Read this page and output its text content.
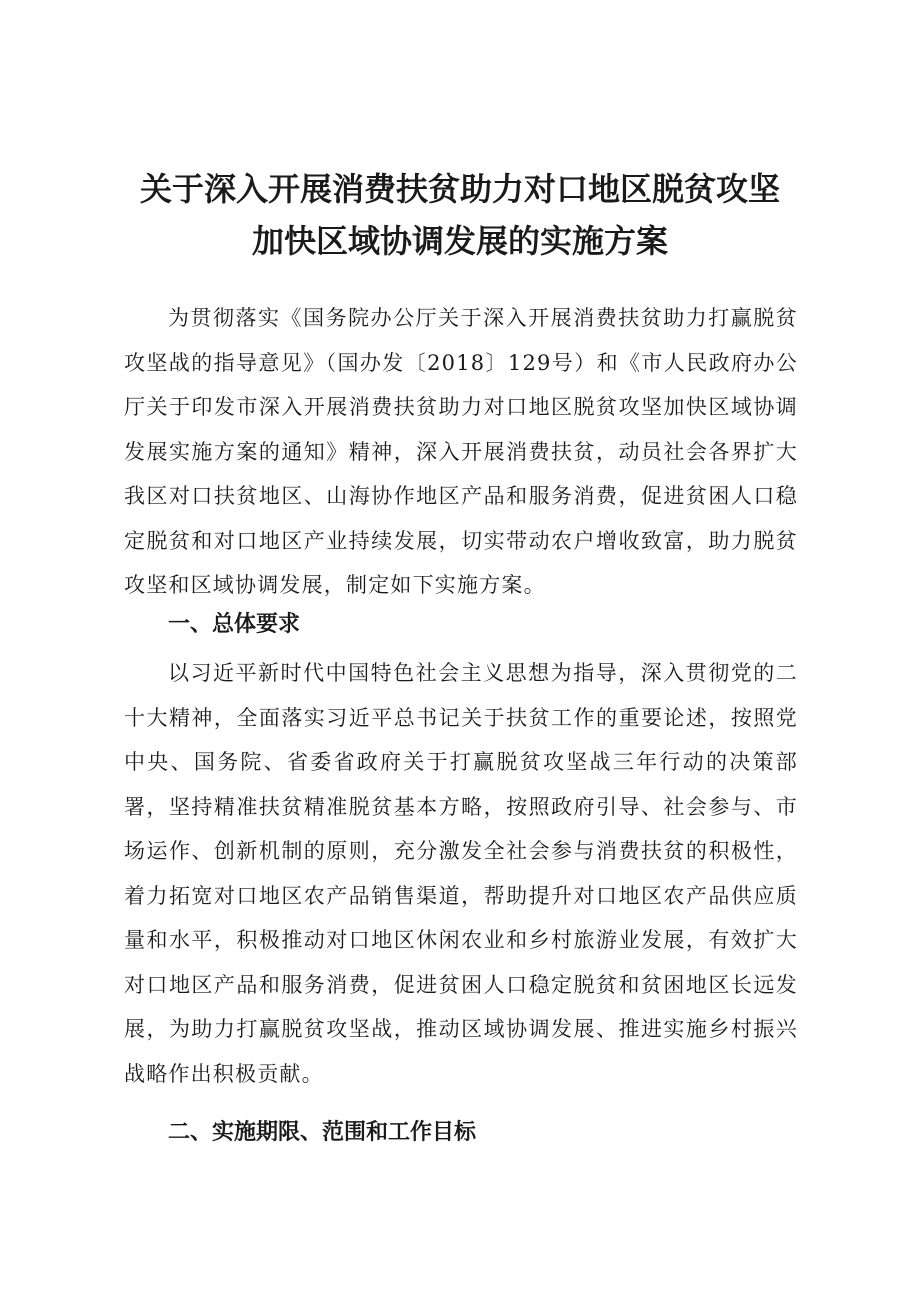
关于深入开展消费扶贫助力对口地区脱贫攻坚
加快区域协调发展的实施方案

为贯彻落实《国务院办公厅关于深入开展消费扶贫助力打赢脱贫攻坚战的指导意见》（国办发〔2018〕129号）和《市人民政府办公厅关于印发市深入开展消费扶贫助力对口地区脱贫攻坚加快区域协调发展实施方案的通知》精神，深入开展消费扶贫，动员社会各界扩大我区对口扶贫地区、山海协作地区产品和服务消费，促进贫困人口稳定脱贫和对口地区产业持续发展，切实带动农户增收致富，助力脱贫攻坚和区域协调发展，制定如下实施方案。

一、总体要求

以习近平新时代中国特色社会主义思想为指导，深入贯彻党的二十大精神，全面落实习近平总书记关于扶贫工作的重要论述，按照党中央、国务院、省委省政府关于打赢脱贫攻坚战三年行动的决策部署，坚持精准扶贫精准脱贫基本方略，按照政府引导、社会参与、市场运作、创新机制的原则，充分激发全社会参与消费扶贫的积极性，着力拓宽对口地区农产品销售渠道，帮助提升对口地区农产品供应质量和水平，积极推动对口地区休闲农业和乡村旅游业发展，有效扩大对口地区产品和服务消费，促进贫困人口稳定脱贫和贫困地区长远发展，为助力打赢脱贫攻坚战，推动区域协调发展、推进实施乡村振兴战略作出积极贡献。

二、实施期限、范围和工作目标
